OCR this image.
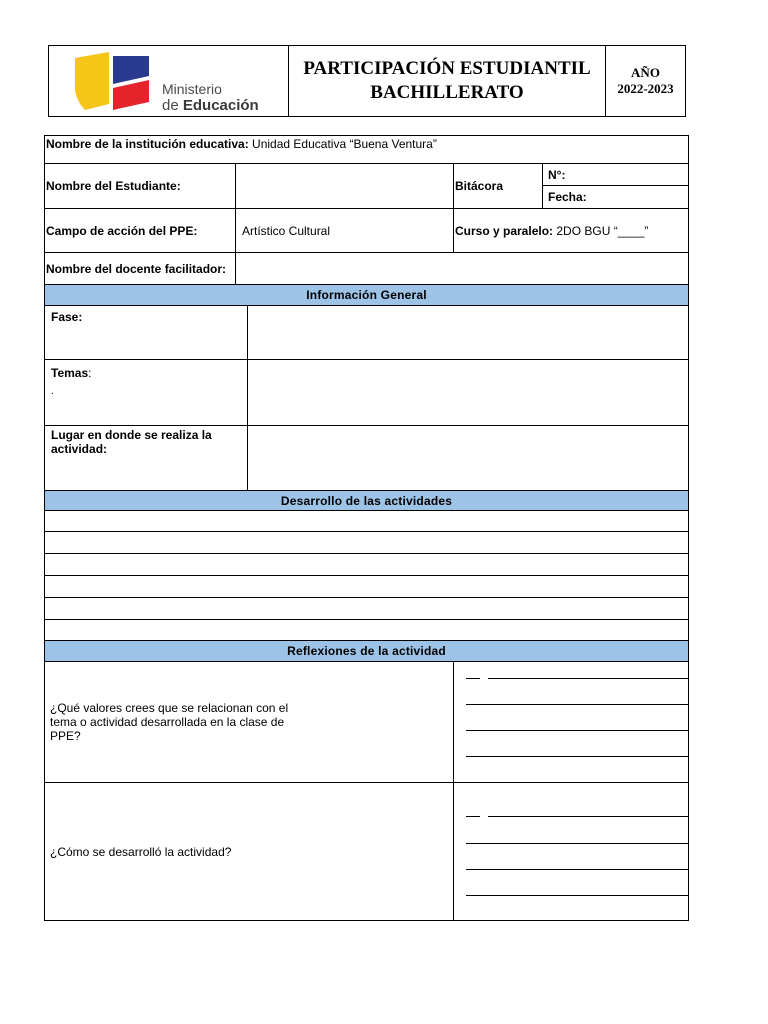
Ministerio
de Educación
PARTICIPACIÓN ESTUDIANTIL
BACHILLERATO
AÑO
2022-2023
Nombre de la institución educativa: Unidad Educativa “Buena Ventura”				
Nombre del Estudiante:			Bitácora	N°:
				Fecha:
Campo de acción del PPE:	Artístico Cultural		Curso y paralelo: 2DO BGU “____”	
Nombre del docente facilitador:				
Información General				
Fase:				

Temas:
.				

Lugar en donde se realiza la actividad:				
Desarrollo de las actividades				

Reflexiones de la actividad				

¿Qué valores crees que se relacionan con el tema o actividad desarrollada en la clase de PPE?				

¿Cómo se desarrolló la actividad?				
